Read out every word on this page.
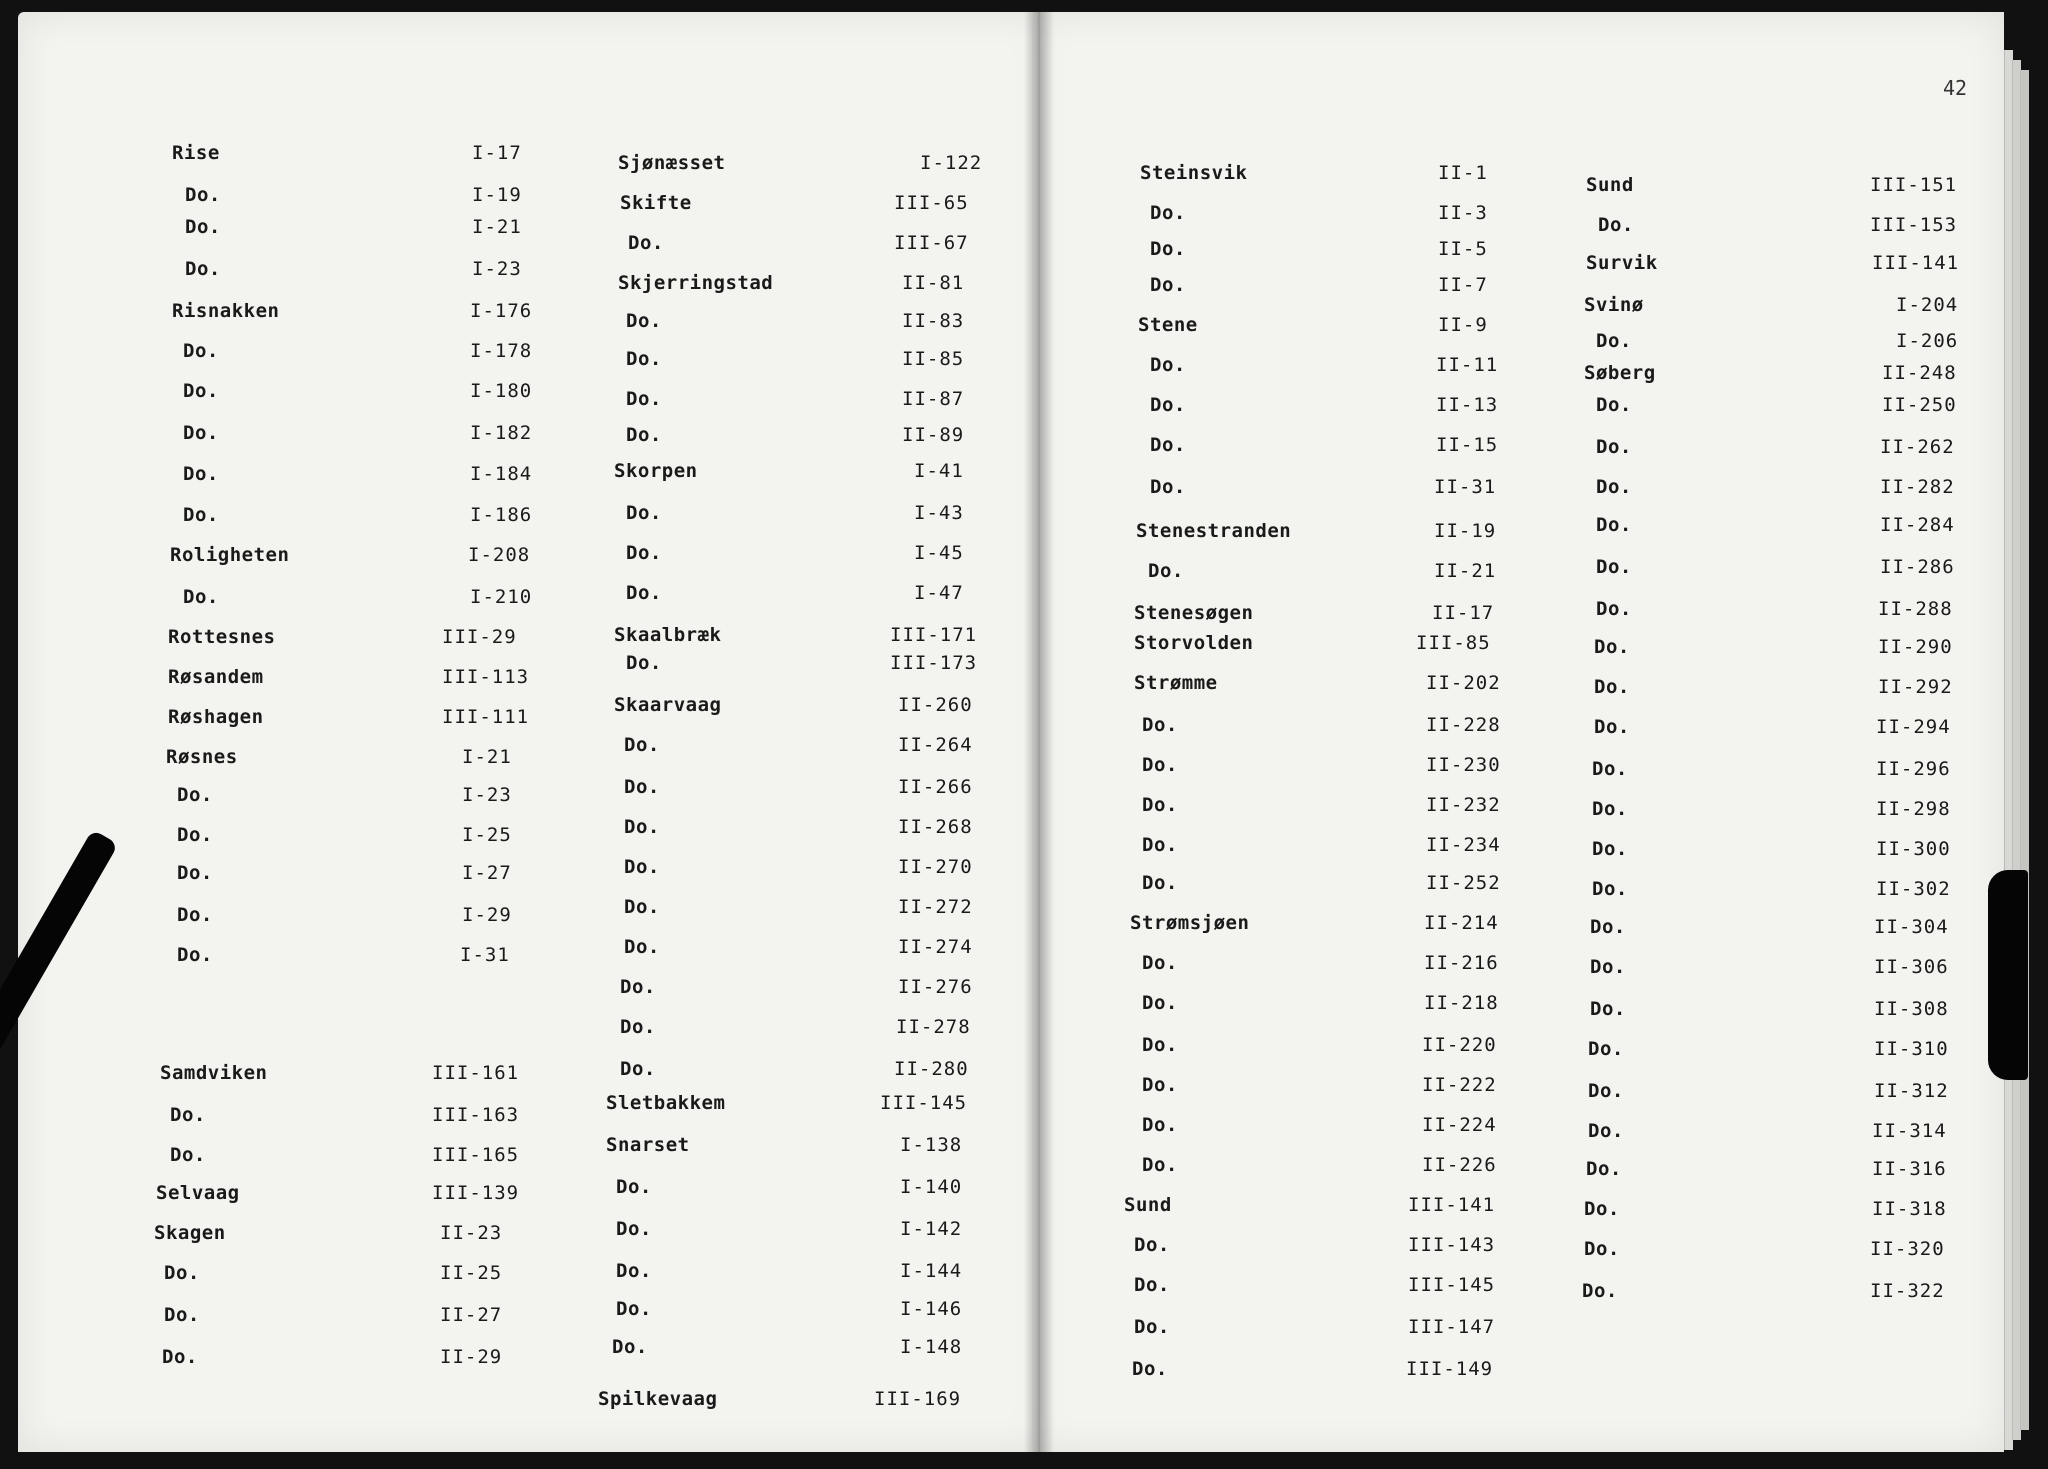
42
Rise	I-17
Do.	I-19
Do.	I-21
Do.	I-23
Risnakken	I-176
Do.	I-178
Do.	I-180
Do.	I-182
Do.	I-184
Do.	I-186
Roligheten	I-208
Do.	I-210
Rottesnes	III-29
Røsandem	III-113
Røshagen	III-111
Røsnes	I-21
Do.	I-23
Do.	I-25
Do.	I-27
Do.	I-29
Do.	I-31
Samdviken	III-161
Do.	III-163
Do.	III-165
Selvaag	III-139
Skagen	II-23
Do.	II-25
Do.	II-27
Do.	II-29
Sjønæsset	I-122
Skifte	III-65
Do.	III-67
Skjerringstad	II-81
Do.	II-83
Do.	II-85
Do.	II-87
Do.	II-89
Skorpen	I-41
Do.	I-43
Do.	I-45
Do.	I-47
Skaalbræk	III-171
Do.	III-173
Skaarvaag	II-260
Do.	II-264
Do.	II-266
Do.	II-268
Do.	II-270
Do.	II-272
Do.	II-274
Do.	II-276
Do.	II-278
Do.	II-280
Sletbakkem	III-145
Snarset	I-138
Do.	I-140
Do.	I-142
Do.	I-144
Do.	I-146
Do.	I-148
Spilkevaag	III-169
Steinsvik	II-1
Do.	II-3
Do.	II-5
Do.	II-7
Stene	II-9
Do.	II-11
Do.	II-13
Do.	II-15
Do.	II-31
Stenestranden	II-19
Do.	II-21
Stenesøgen	II-17
Storvolden	III-85
Strømme	II-202
Do.	II-228
Do.	II-230
Do.	II-232
Do.	II-234
Do.	II-252
Strømsjøen	II-214
Do.	II-216
Do.	II-218
Do.	II-220
Do.	II-222
Do.	II-224
Do.	II-226
Sund	III-141
Do.	III-143
Do.	III-145
Do.	III-147
Do.	III-149
Sund	III-151
Do.	III-153
Survik	III-141
Svinø	I-204
Do.	I-206
Søberg	II-248
Do.	II-250
Do.	II-262
Do.	II-282
Do.	II-284
Do.	II-286
Do.	II-288
Do.	II-290
Do.	II-292
Do.	II-294
Do.	II-296
Do.	II-298
Do.	II-300
Do.	II-302
Do.	II-304
Do.	II-306
Do.	II-308
Do.	II-310
Do.	II-312
Do.	II-314
Do.	II-316
Do.	II-318
Do.	II-320
Do.	II-322
